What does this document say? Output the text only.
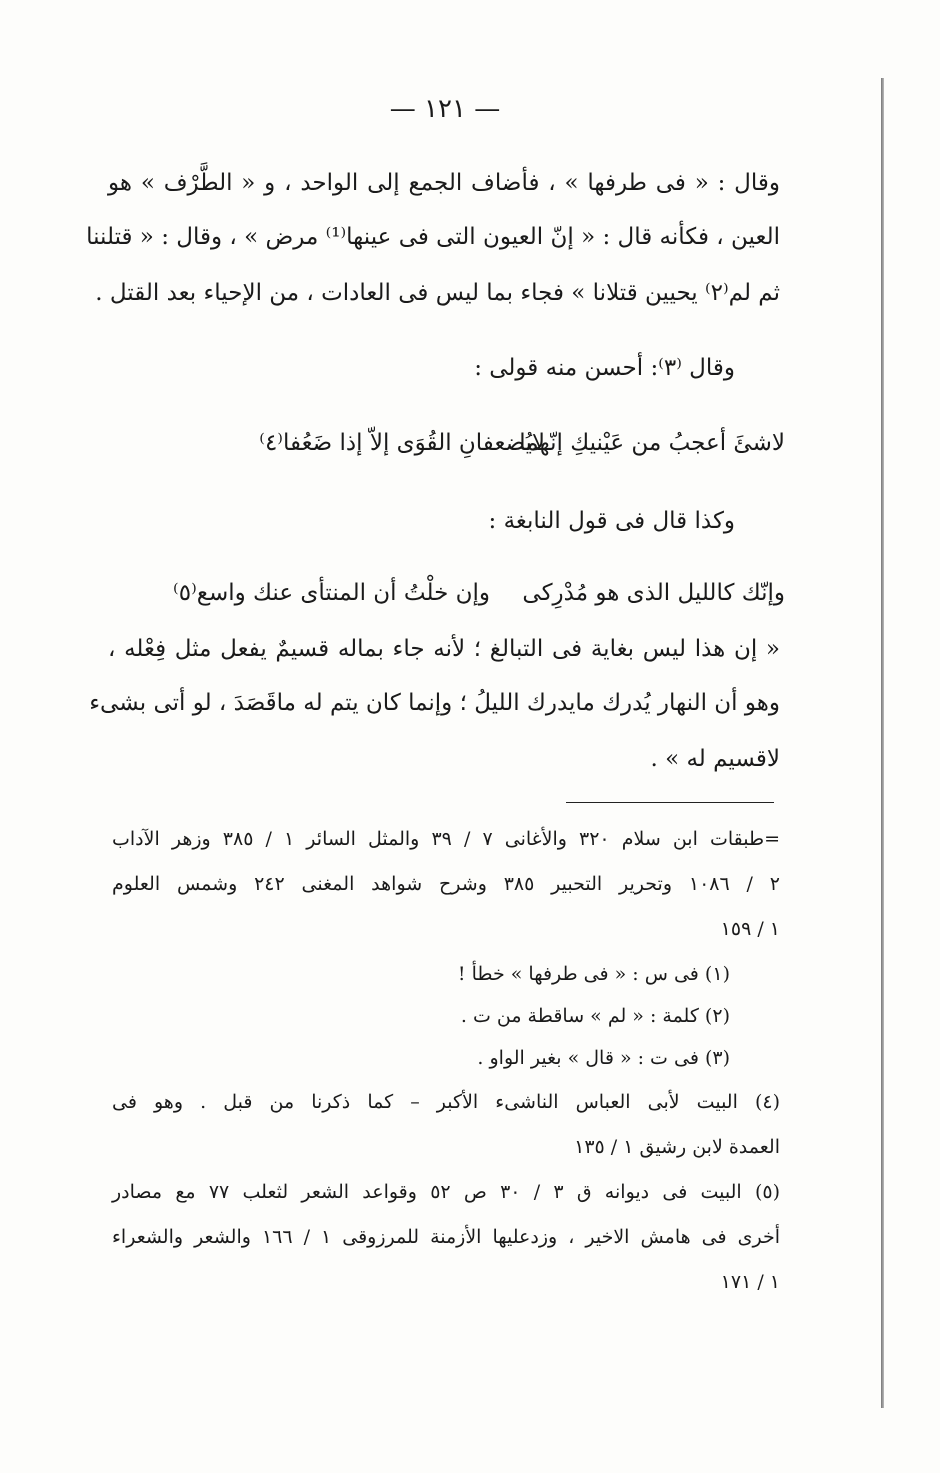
— ١٢١ —
وقال : « فى طرفها » ، فأضاف الجمع إلى الواحد ، و « الطَّرْف » هو
العين ، فكأنه قال : « إنّ العيون التى فى عينها⁽¹⁾ مرض » ، وقال : « قتلننا
ثم لم⁽٢⁾ يحيين قتلانا » فجاء بما ليس فى العادات ، من الإحياء بعد القتل .
وقال ⁽٣⁾: أحسن منه قولى :
لاشئَ أعجبُ من عَيْنيكِ إنّهما
لايُضعفانِ القُوَى إلاّ إذا ضَعُفا⁽٤⁾
وكذا قال فى قول النابغة :
وإنّك كالليل الذى هو مُدْرِكى
وإن خلْتُ أن المنتأى عنك واسع⁽٥⁾
« إن هذا ليس بغاية فى التبالغ ؛ لأنه جاء بماله قسيمٌ يفعل مثل فِعْله ،
وهو أن النهار يُدرك مايدرك الليلُ ؛ وإنما كان يتم له ماقَصَدَ ، لو أتى بشىء
لاقسيم له » .
=طبقات ابن سلام ٣٢٠ والأغانى ٧ / ٣٩ والمثل السائر ١ / ٣٨٥ وزهر الآداب
٢ / ١٠٨٦ وتحرير التحبير ٣٨٥ وشرح شواهد المغنى ٢٤٢ وشمس العلوم
١ / ١٥٩
(١) فى س : « فى طرفها » خطأ !
(٢) كلمة : « لم » ساقطة من ت .
(٣) فى ت : « قال » بغير الواو .
(٤) البيت لأبى العباس الناشىء الأكبر – كما ذكرنا من قبل . وهو فى
العمدة لابن رشيق ١ / ١٣٥
(٥) البيت فى ديوانه ق ٣ / ٣٠ ص ٥٢ وقواعد الشعر لثعلب ٧٧ مع مصادر
أخرى فى هامش الاخير ، وزدعليها الأزمنة للمرزوقى ١ / ١٦٦ والشعر والشعراء
١ / ١٧١
